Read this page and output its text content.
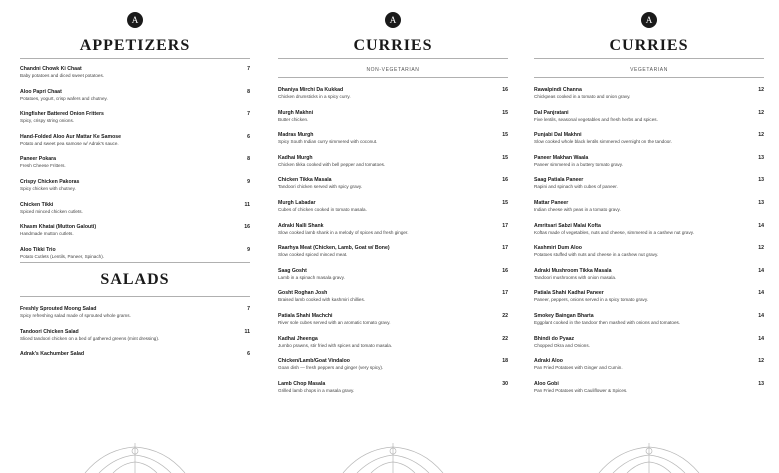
A
APPETIZERS
Chandni Chowk Ki Chaat
Baby potatoes and diced sweet potatoes.
7
Aloo Papri Chaat
Potatoes, yogurt, crisp wafers and chutney.
8
Kingfisher Battered Onion Fritters
Spicy, crispy string onions.
7
Hand-Folded Aloo Aur Mattar Ke Samose
Potato and sweet pea samose w/ Adrak's sauce.
6
Paneer Pokara
Fresh Cheese Fritters.
8
Crispy Chicken Pakoras
Spicy chicken with chutney.
9
Chicken Tikki
Spiced minced chicken cutlets.
11
Khasm Khatai (Mutton Galouti)
Handmade mutton cutlets.
16
Aloo Tikki Trio
Potato Cutlets (Lentils, Paneer, Spinach).
9
SALADS
Freshly Sprouted Moong Salad
Spicy refreshing salad made of sprouted whole grams.
7
Tandoori Chicken Salad
Sliced tandoori chicken on a bed of gathered greens (mint dressing).
11
Adrak's Kachumber Salad	6
A
CURRIES
NON-VEGETARIAN
Dhaniya Mirchi Da Kukkad
Chicken drumsticks in a spicy curry.
16
Murgh Makhni
Butter chicken.
15
Madras Murgh
Spicy South Indian curry simmered with coconut.
15
Kadhai Murgh
Chicken tikka cooked with bell pepper and tomatoes.
15
Chicken Tikka Masala
Tandoori chicken served with spicy gravy.
16
Murgh Labadar
Cubes of chicken cooked in tomato masala.
15
Adraki Nalli Shank
Slow cooked lamb shank in a melody of spices and fresh ginger.
17
Raarhya Meat (Chicken, Lamb, Goat w/ Bone)
Slow cooked spiced minced meat.
17
Saag Gosht
Lamb in a spinach masala gravy.
16
Gosht Roghan Josh
Braised lamb cooked with kashmiri chillies.
17
Patiala Shahi Machchi
River sole cubes served with an aromatic tomato gravy.
22
Kadhai Jheenga
Jumbo prawns, stir fried with spices and tomato masala.
22
Chicken/Lamb/Goat Vindaloo
Goan dish — fresh peppers and ginger (very spicy).
18
Lamb Chop Masala
Grilled lamb chops in a masala gravy.
30
A
CURRIES
VEGETARIAN
Rawalpindi Channa
Chickpeas cooked in a tomato and onion gravy.
12
Dal Panjratani
Five lentils, seasonal vegetables and fresh herbs and spices.
12
Punjabi Dal Makhni
Slow cooked whole black lentils simmered overnight on the tandoor.
12
Paneer Makhan Waala
Paneer simmered in a buttery tomato gravy.
13
Saag Patiala Paneer
Rapini and spinach with cubes of paneer.
13
Mattar Paneer
Indian cheese with peas in a tomato gravy.
13
Amritsari Sabzi Malai Kofta
Koftas made of vegetables, nuts and cheese, simmered in a cashew nut gravy.
14
Kashmiri Dum Aloo
Potatoes stuffed with nuts and cheese in a cashew nut gravy.
12
Adraki Mushroom Tikka Masala
Tandoori mushrooms with onion masala.
14
Patiala Shahi Kadhai Paneer
Paneer, peppers, onions served in a spicy tomato gravy.
14
Smokey Baingan Bharta
Eggplant cooked in the tandoor then mashed with onions and tomatoes.
14
Bhindi do Pyaaz
Chopped Okra and Onions.
14
Adraki Aloo
Pan Fried Potatoes with Ginger and Cumin.
12
Aloo Gobi
Pan Fried Potatoes with Cauliflower & Spices.
13
